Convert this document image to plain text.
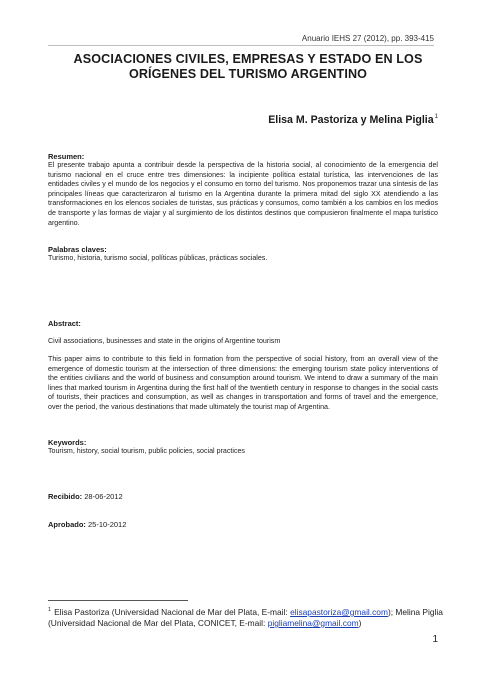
Anuario IEHS 27 (2012), pp. 393-415
ASOCIACIONES CIVILES, EMPRESAS Y ESTADO EN LOS
ORÍGENES DEL TURISMO ARGENTINO
Elisa M. Pastoriza y Melina Piglia$^1$
Resumen:
El presente trabajo apunta a contribuir desde la perspectiva de la historia social, al conocimiento de la emergencia del turismo nacional en el cruce entre tres dimensiones: la incipiente política estatal turística, las intervenciones de las entidades civiles y el mundo de los negocios y el consumo en torno del turismo. Nos proponemos trazar una síntesis de las principales líneas que caracterizaron al turismo en la Argentina durante la primera mitad del siglo XX atendiendo a las transformaciones en los elencos sociales de turistas, sus prácticas y consumos, como también a los cambios en los medios de transporte y las formas de viajar y al surgimiento de los distintos destinos que compusieron finalmente el mapa turístico argentino.
Palabras claves:
Turismo, historia, turismo social, políticas públicas, prácticas sociales.
Abstract:
Civil associations, businesses and state in the origins of Argentine tourism
This paper aims to contribute to this field in formation from the perspective of social history, from an overall view of the emergence of domestic tourism at the intersection of three dimensions: the emerging tourism state policy interventions of the entities civilians and the world of business and consumption around tourism. We intend to draw a summary of the main lines that marked tourism in Argentina during the first half of the twentieth century in response to changes in the social casts of tourists, their practices and consumption, as well as changes in transportation and forms of travel and the emergence, over the period, the various destinations that made ultimately the tourist map of Argentina.
Keywords:
Tourism, history, social tourism, public policies, social practices
Recibido: 28-06-2012
Aprobado: 25-10-2012
$^1$ Elisa Pastoriza (Universidad Nacional de Mar del Plata, E-mail: elisapastoriza@gmail.com); Melina Piglia (Universidad Nacional de Mar del Plata, CONICET, E-mail: pigliamelina@gmail.com)
1
